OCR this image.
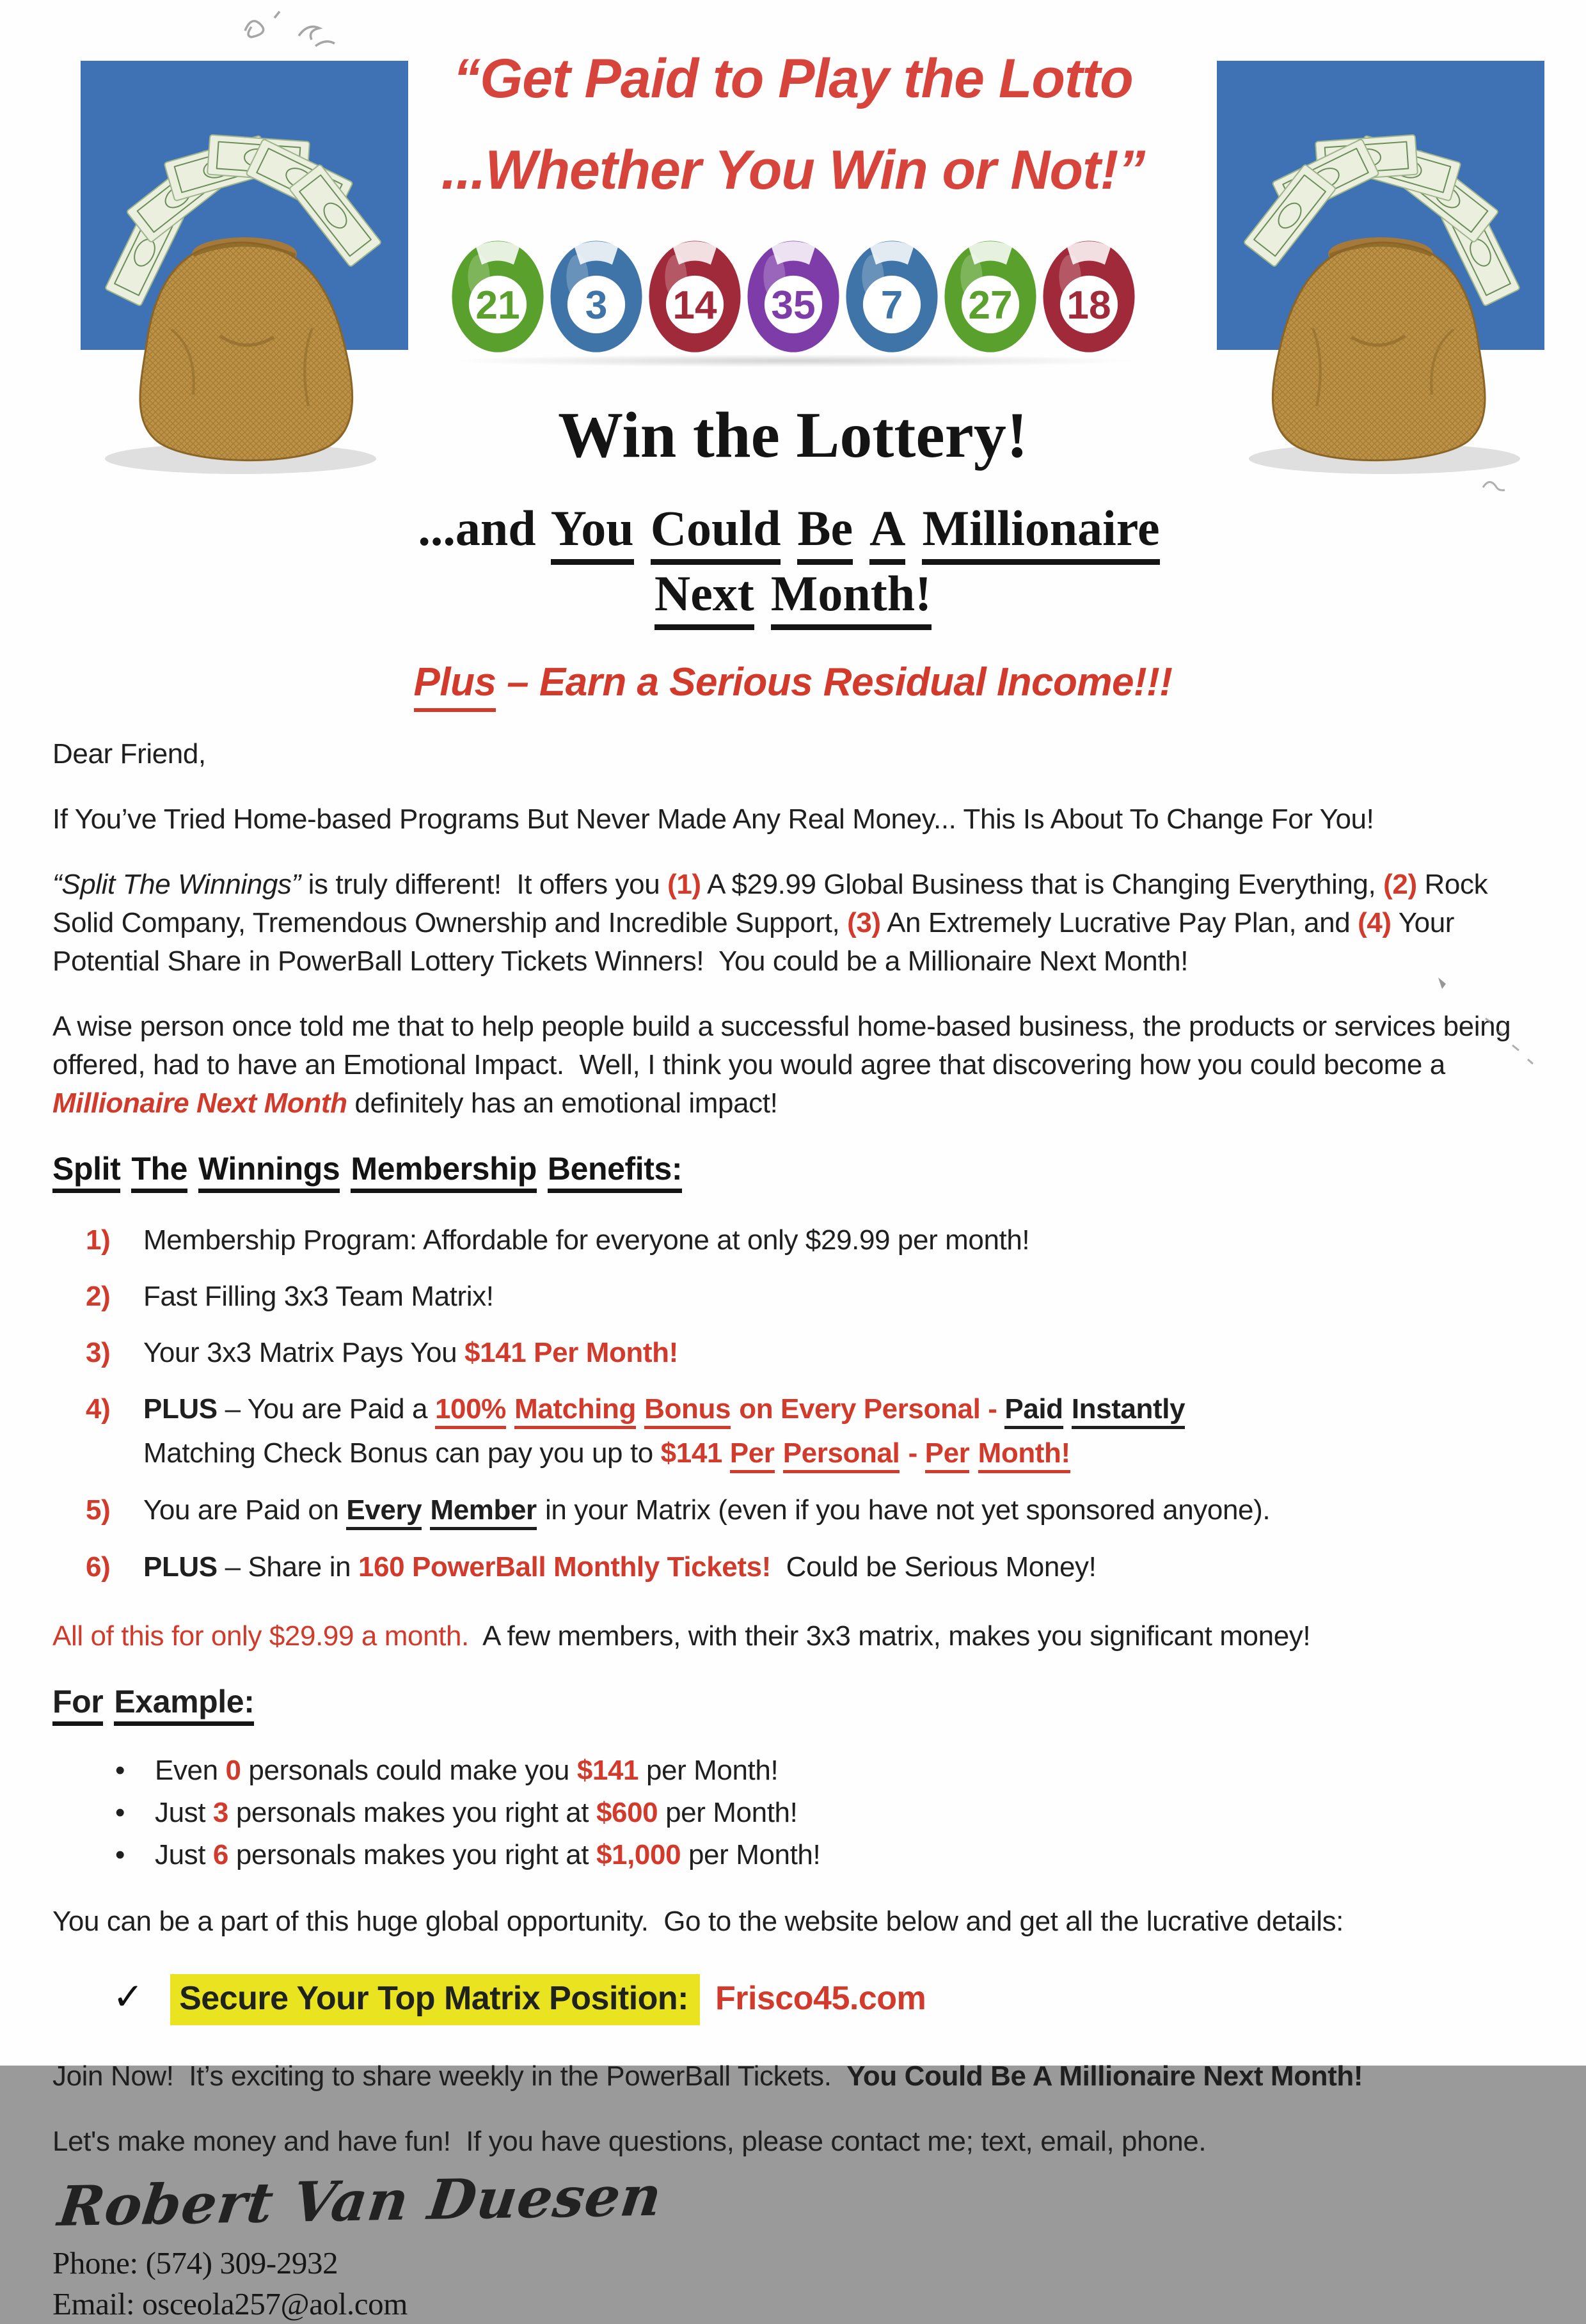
“Get Paid to Play the Lotto
...Whether You Win or Not!”
21	3	14 35	7	27 18
Win the Lottery!
...and You Could Be A MillionaireNext Month!
Plus – Earn a Serious Residual Income!!!

Dear Friend,

If You’ve Tried Home-based Programs But Never Made Any Real Money... This Is About To Change For You!

“Split The Winnings” is truly different!  It offers you (1) A $29.99 Global Business that is Changing Everything, (2) Rock Solid Company, Tremendous Ownership and Incredible Support, (3) An Extremely Lucrative Pay Plan, and (4) Your Potential Share in PowerBall Lottery Tickets Winners!  You could be a Millionaire Next Month!

A wise person once told me that to help people build a successful home-based business, the products or services being offered, had to have an Emotional Impact.  Well, I think you would agree that discovering how you could become a Millionaire Next Month definitely has an emotional impact!

Split The Winnings Membership Benefits:
1)	Membership Program: Affordable for everyone at only $29.99 per month!
2)	Fast Filling 3x3 Team Matrix!
3)	Your 3x3 Matrix Pays You $141 Per Month!
4)	PLUS – You are Paid a 100% Matching Bonus on Every Personal - Paid Instantly
Matching Check Bonus can pay you up to $141 Per Personal - Per Month!
5)	You are Paid on Every Member in your Matrix (even if you have not yet sponsored anyone).
6)	PLUS – Share in 160 PowerBall Monthly Tickets!  Could be Serious Money!

All of this for only $29.99 a month.  A few members, with their 3x3 matrix, makes you significant money!

For Example:
•
Even 0 personals could make you $141 per Month!
•
Just 3 personals makes you right at $600 per Month!
•
Just 6 personals makes you right at $1,000 per Month!

You can be a part of this huge global opportunity.  Go to the website below and get all the lucrative details:

✓ Secure Your Top Matrix Position: Frisco45.com

Join Now!  It’s exciting to share weekly in the PowerBall Tickets.  You Could Be A Millionaire Next Month!

Let's make money and have fun!  If you have questions, please contact me; text, email, phone.

Robert Van Duesen
Phone: (574) 309-2932
Email: osceola257@aol.com
